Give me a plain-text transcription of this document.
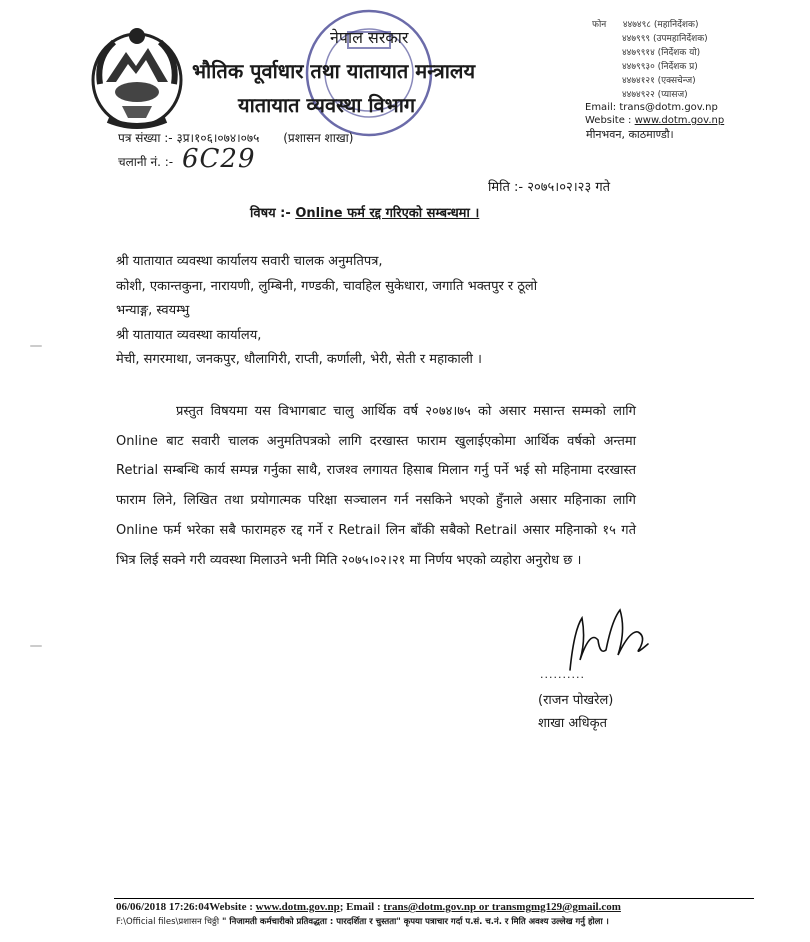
नेपाल सरकार
भौतिक पूर्वाधार तथा यातायात मन्त्रालय
यातायात व्यवस्था विभाग
फोन ४४७४९८ (महानिर्देशक)
४४७९९९ (उपमहानिर्देशक)
४४७९९१४ (निर्देशक यो)
४४७९९३० (निर्देशक प्र)
४४७४१२१ (एक्सचेन्ज)
४४७४९२२ (प्यासज)
Email: trans@dotm.gov.np
Website : www.dotm.gov.np
मीनभवन, काठमाण्डौ।
पत्र संख्या :- ३प्र।१०६।०७४।०७५ (प्रशासन शाखा)
चलानी नं. :- 6C29
मिति :- २०७५।०२।२३ गते
विषय :- Online फर्म रद्द गरिएको सम्बन्धमा ।
श्री यातायात व्यवस्था कार्यालय सवारी चालक अनुमतिपत्र,
कोशी, एकान्तकुना, नारायणी, लुम्बिनी, गण्डकी, चावहिल सुकेधारा, जगाति भक्तपुर र ठूलो
भन्याङ्ग, स्वयम्भु
श्री यातायात व्यवस्था कार्यालय,
मेची, सगरमाथा, जनकपुर, धौलागिरी, राप्ती, कर्णाली, भेरी, सेती र महाकाली ।
प्रस्तुत विषयमा यस विभागबाट चालु आर्थिक वर्ष २०७४।७५ को असार मसान्त सम्मको लागि Online बाट सवारी चालक अनुमतिपत्रको लागि दरखास्त फाराम खुलाईएकोमा आर्थिक वर्षको अन्तमा Retrial सम्बन्धि कार्य सम्पन्न गर्नुका साथै, राजश्व लगायत हिसाब मिलान गर्नु पर्ने भई सो महिनामा दरखास्त फाराम लिने, लिखित तथा प्रयोगात्मक परिक्षा सञ्चालन गर्न नसकिने भएको हुँनाले असार महिनाका लागि Online फर्म भरेका सबै फारामहरु रद्द गर्ने र Retrail लिन बाँकी सबैको Retrail असार महिनाको १५ गते भित्र लिई सक्ने गरी व्यवस्था मिलाउने भनी मिति २०७५।०२।२१ मा निर्णय भएको व्यहोरा अनुरोध छ ।
..........
(राजन पोखरेल)
शाखा अधिकृत
06/06/2018 17:26:04Website : www.dotm.gov.np; Email : trans@dotm.gov.np or transmgmg129@gmail.com
F:\Official files\प्रशासन चिठ्ठी " निजामती कर्मचारीको प्रतिवद्धता : पारदर्शिता र चुस्तता" कृपया पत्राचार गर्दा प.सं. च.नं. र मिति अवश्य उल्लेख गर्नु होला ।
